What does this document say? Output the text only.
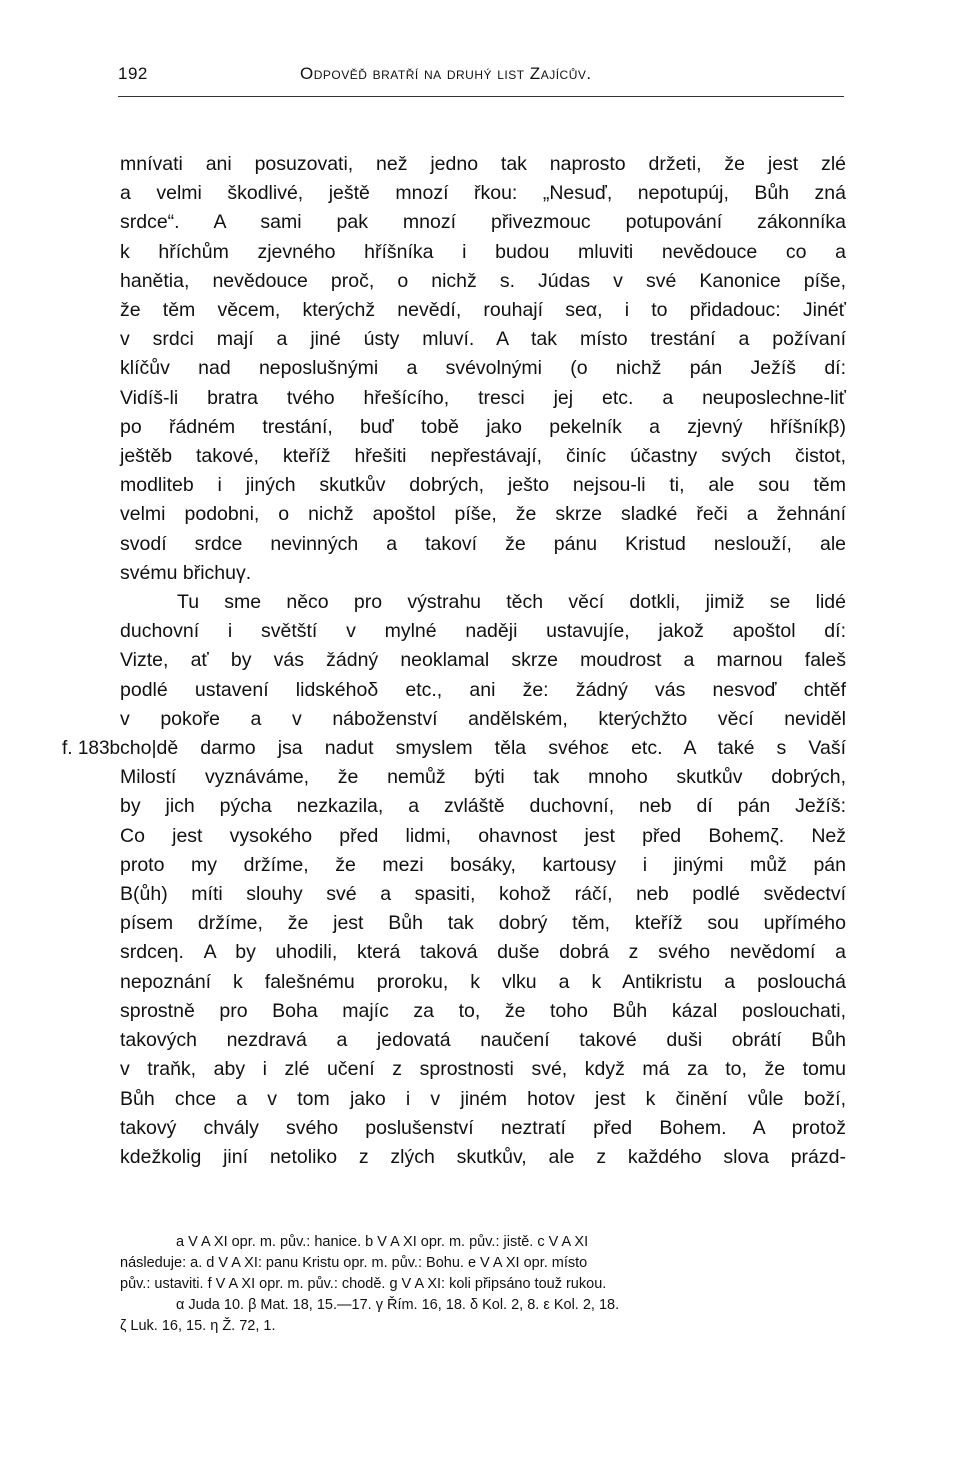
192	Odpověď bratří na druhý list Zajícův.
f. 183b
mnívati ani posuzovati, než jedno tak naprosto držeti, že jest zlé
a velmi škodlivé, ještě mnozí řkou: „Nesuď, nepotupúj, Bůh zná
srdce“. A sami pak mnozí přivezmouc potupování zákonníka
k hříchům zjevného hříšníka i budou mluviti nevědouce co a
hanětia, nevědouce proč, o nichž s. Júdas v své Kanonice píše,
že těm věcem, kterýchž nevědí, rouhají seα, i to přidadouc: Jinéť
v srdci mají a jiné ústy mluví. A tak místo trestání a požívaní
klíčův nad neposlušnými a svévolnými (o nichž pán Ježíš dí:
Vidíš-li bratra tvého hřešícího, tresci jej etc. a neuposlechne-liť
po řádném trestání, buď tobě jako pekelník a zjevný hříšníkβ)
ještěb takové, kteříž hřešiti nepřestávají, činíc účastny svých čistot,
modliteb i jiných skutkův dobrých, ješto nejsou-li ti, ale sou těm
velmi podobni, o nichž apoštol píše, že skrze sladké řeči a žehnání
svodí srdce nevinných a takoví že pánu Kristud neslouží, ale
svému břichuγ.
Tu sme něco pro výstrahu těch věcí dotkli, jimiž se lidé
duchovní i světští v mylné naději ustavujíe, jakož apoštol dí:
Vizte, ať by vás žádný neoklamal skrze moudrost a marnou faleš
podlé ustavení lidskéhoδ etc., ani že: žádný vás nesvoď chtěf
v pokoře a v náboženství andělském, kterýchžto věcí neviděl
cho|dě darmo jsa nadut smyslem těla svéhoε etc. A také s Vaší
Milostí vyznáváme, že nemůž býti tak mnoho skutkův dobrých,
by jich pýcha nezkazila, a zvláště duchovní, neb dí pán Ježíš:
Co jest vysokého před lidmi, ohavnost jest před Bohemζ. Než
proto my držíme, že mezi bosáky, kartousy i jinými můž pán
B(ůh) míti slouhy své a spasiti, kohož ráčí, neb podlé svědectví
písem držíme, že jest Bůh tak dobrý těm, kteříž sou upřímého
srdceη. A by uhodili, která taková duše dobrá z svého nevědomí a
nepoznání k falešnému proroku, k vlku a k Antikristu a poslouchá
sprostně pro Boha majíc za to, že toho Bůh kázal poslouchati,
takových nezdravá a jedovatá naučení takové duši obrátí Bůh
v traňk, aby i zlé učení z sprostnosti své, když má za to, že tomu
Bůh chce a v tom jako i v jiném hotov jest k činění vůle boží,
takový chvály svého poslušenství neztratí před Bohem. A protož
kdežkolig jiní netoliko z zlých skutkův, ale z každého slova prázd-
a V A XI opr. m. pův.: hanice. b V A XI opr. m. pův.: jistě. c V A XI
následuje: a. d V A XI: panu Kristu opr. m. pův.: Bohu. e V A XI opr. místo
pův.: ustaviti. f V A XI opr. m. pův.: chodě. g V A XI: koli připsáno touž rukou.
α Juda 10. β Mat. 18, 15.—17. γ Řím. 16, 18. δ Kol. 2, 8. ε Kol. 2, 18.
ζ Luk. 16, 15. η Ž. 72, 1.
